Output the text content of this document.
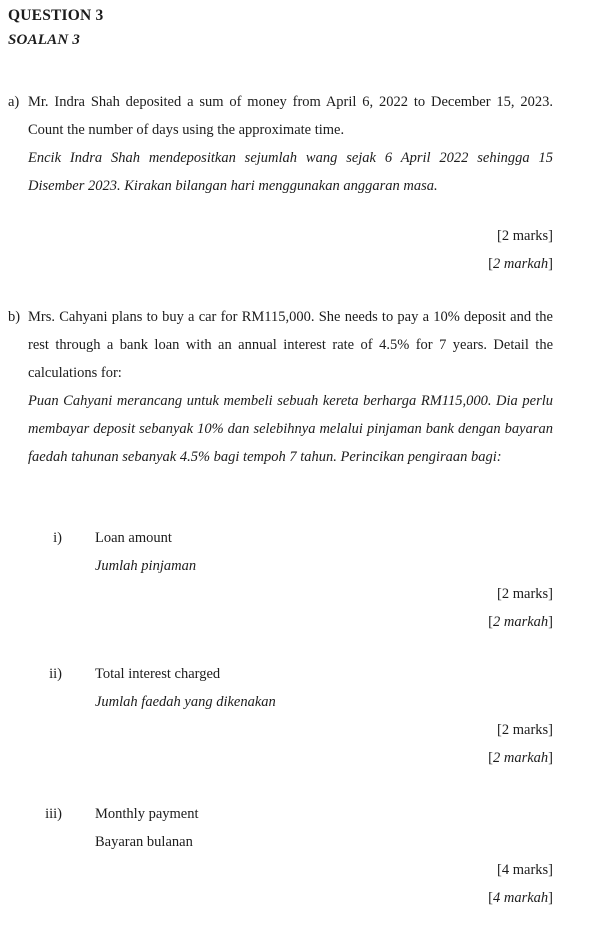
QUESTION 3
SOALAN 3
a) Mr. Indra Shah deposited a sum of money from April 6, 2022 to December 15, 2023. Count the number of days using the approximate time.

Encik Indra Shah mendepositkan sejumlah wang sejak 6 April 2022 sehingga 15 Disember 2023. Kirakan bilangan hari menggunakan anggaran masa.

[2 marks]
[2 markah]
b) Mrs. Cahyani plans to buy a car for RM115,000. She needs to pay a 10% deposit and the rest through a bank loan with an annual interest rate of 4.5% for 7 years. Detail the calculations for:

Puan Cahyani merancang untuk membeli sebuah kereta berharga RM115,000. Dia perlu membayar deposit sebanyak 10% dan selebihnya melalui pinjaman bank dengan bayaran faedah tahunan sebanyak 4.5% bagi tempoh 7 tahun. Perincikan pengiraan bagi:

i) Loan amount
Jumlah pinjaman
[2 marks]
[2 markah]
ii) Total interest charged
Jumlah faedah yang dikenakan
[2 marks]
[2 markah]
iii) Monthly payment
Bayaran bulanan
[4 marks]
[4 markah]
